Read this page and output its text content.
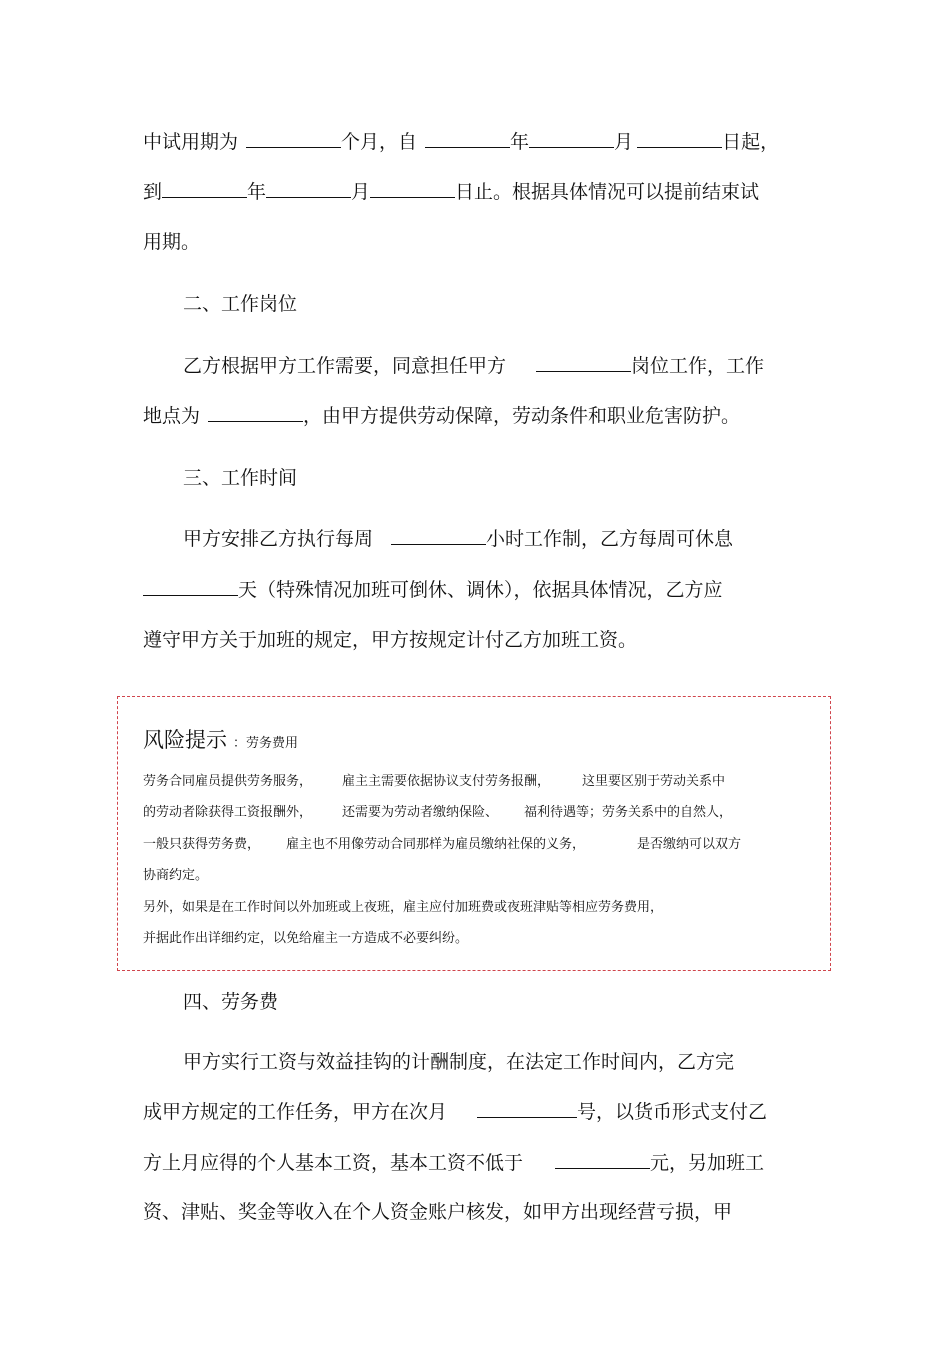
中试用期为	个月，自	年	月	日起，
到	年	月	日止。根据具体情况可以提前结束试
用期。
二、工作岗位
乙方根据甲方工作需要，同意担任甲方	岗位工作，工作
地点为	，由甲方提供劳动保障，劳动条件和职业危害防护。
三、工作时间
甲方安排乙方执行每周	小时工作制，乙方每周可休息
天（特殊情况加班可倒休、调休），依据具体情况，乙方应
遵守甲方关于加班的规定，甲方按规定计付乙方加班工资。
风险提示 ：劳务费用
劳务合同雇员提供劳务服务， 雇主主需要依据协议支付劳务报酬， 这里要区别于劳动关系中
的劳动者除获得工资报酬外， 还需要为劳动者缴纳保险、 福利待遇等；劳务关系中的自然人，
一般只获得劳务费， 雇主也不用像劳动合同那样为雇员缴纳社保的义务，	是否缴纳可以双方
协商约定。
另外，如果是在工作时间以外加班或上夜班，雇主应付加班费或夜班津贴等相应劳务费用，
并据此作出详细约定，以免给雇主一方造成不必要纠纷。
四、劳务费
甲方实行工资与效益挂钩的计酬制度，在法定工作时间内，乙方完
成甲方规定的工作任务，甲方在次月	号，以货币形式支付乙
方上月应得的个人基本工资，基本工资不低于	元，另加班工
资、津贴、奖金等收入在个人资金账户核发，如甲方出现经营亏损，甲
